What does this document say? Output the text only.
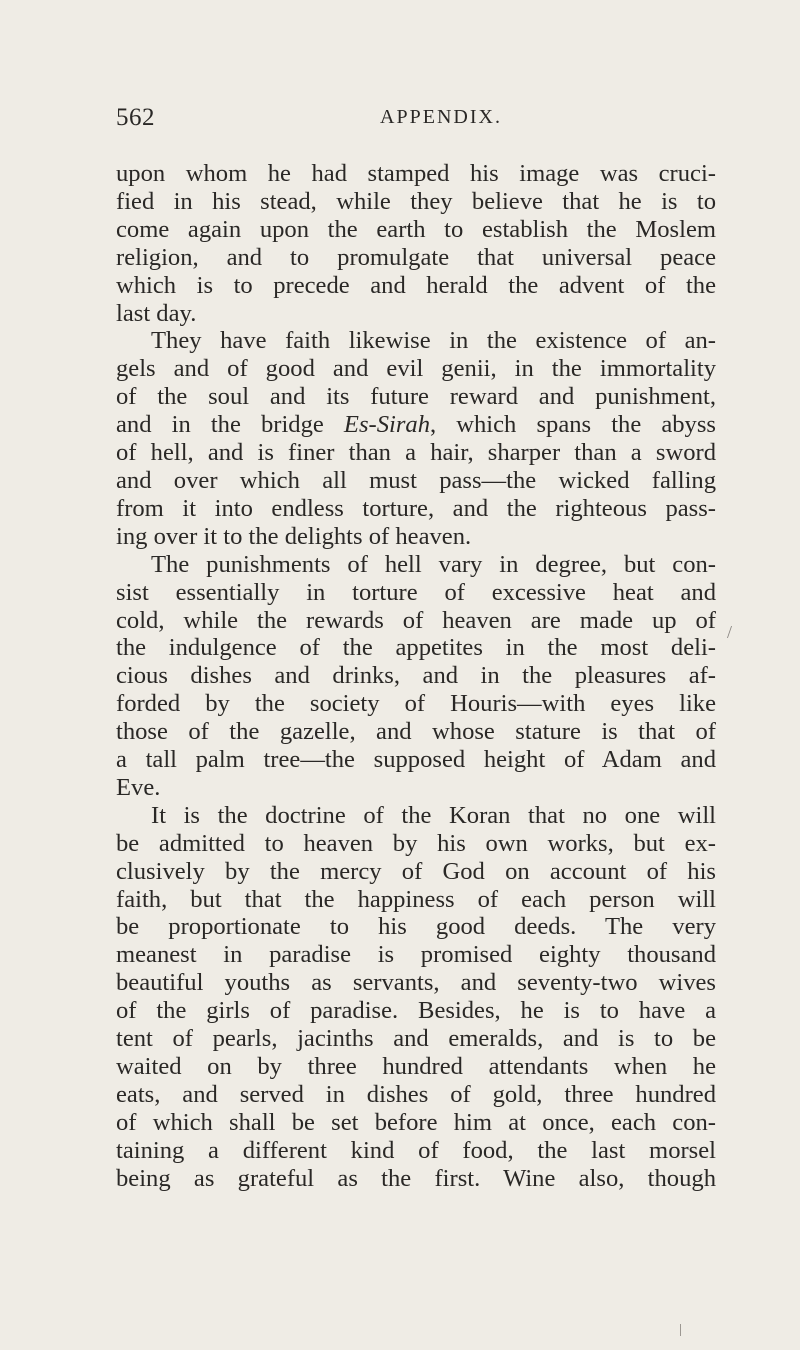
562	APPENDIX.
upon whom he had stamped his image was cruci-
fied in his stead, while they believe that he is to
come again upon the earth to establish the Moslem
religion, and to promulgate that universal peace
which is to precede and herald the advent of the
last day.
They have faith likewise in the existence of an-
gels and of good and evil genii, in the immortality
of the soul and its future reward and punishment,
and in the bridge Es-Sirah, which spans the abyss
of hell, and is finer than a hair, sharper than a sword
and over which all must pass—the wicked falling
from it into endless torture, and the righteous pass-
ing over it to the delights of heaven.
The punishments of hell vary in degree, but con-
sist essentially in torture of excessive heat and
cold, while the rewards of heaven are made up of
the indulgence of the appetites in the most deli-
cious dishes and drinks, and in the pleasures af-
forded by the society of Houris—with eyes like
those of the gazelle, and whose stature is that of
a tall palm tree—the supposed height of Adam and
Eve.
It is the doctrine of the Koran that no one will
be admitted to heaven by his own works, but ex-
clusively by the mercy of God on account of his
faith, but that the happiness of each person will
be proportionate to his good deeds. The very
meanest in paradise is promised eighty thousand
beautiful youths as servants, and seventy-two wives
of the girls of paradise. Besides, he is to have a
tent of pearls, jacinths and emeralds, and is to be
waited on by three hundred attendants when he
eats, and served in dishes of gold, three hundred
of which shall be set before him at once, each con-
taining a different kind of food, the last morsel
being as grateful as the first. Wine also, though
/
